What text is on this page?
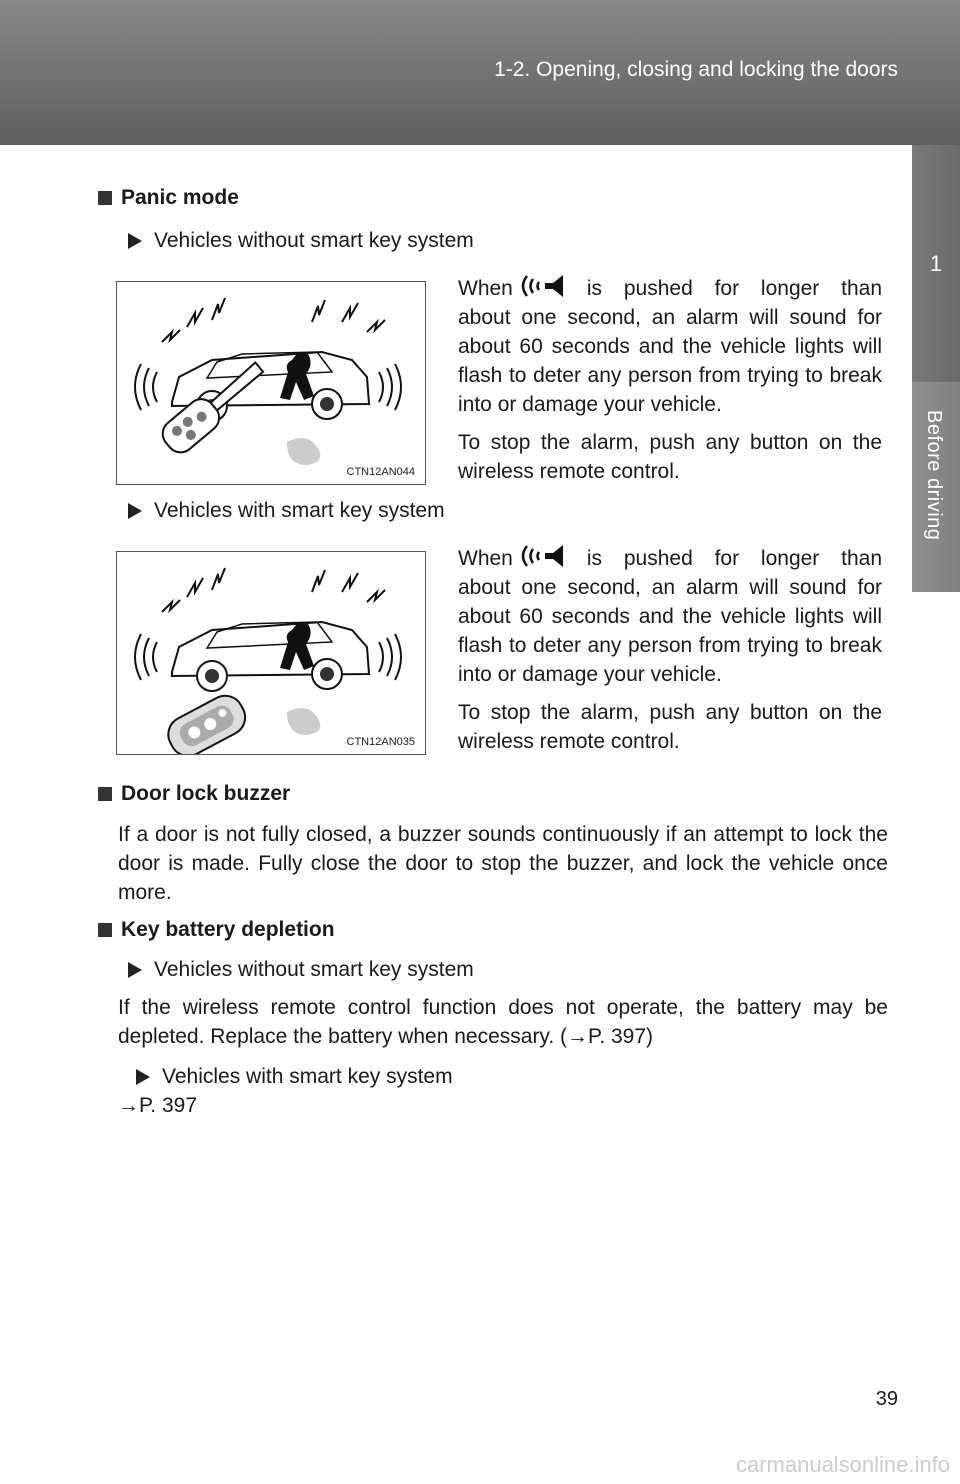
1-2. Opening, closing and locking the doors
1
Before driving
Panic mode
Vehicles without smart key system
CTN12AN044
When	is pushed for longer than
about one second, an alarm will sound for about 60 seconds and the vehicle lights will flash to deter any person from trying to break into or damage your vehicle.
To stop the alarm, push any button on the wireless remote control.
Vehicles with smart key system
CTN12AN035
When	is pushed for longer than
about one second, an alarm will sound for about 60 seconds and the vehicle lights will flash to deter any person from trying to break into or damage your vehicle.
To stop the alarm, push any button on the wireless remote control.
Door lock buzzer
If a door is not fully closed, a buzzer sounds continuously if an attempt to lock the door is made. Fully close the door to stop the buzzer, and lock the vehicle once more.
Key battery depletion
Vehicles without smart key system
If the wireless remote control function does not operate, the battery may be depleted. Replace the battery when necessary. (→P. 397)
Vehicles with smart key system
→P. 397
39
carmanualsonline.info
